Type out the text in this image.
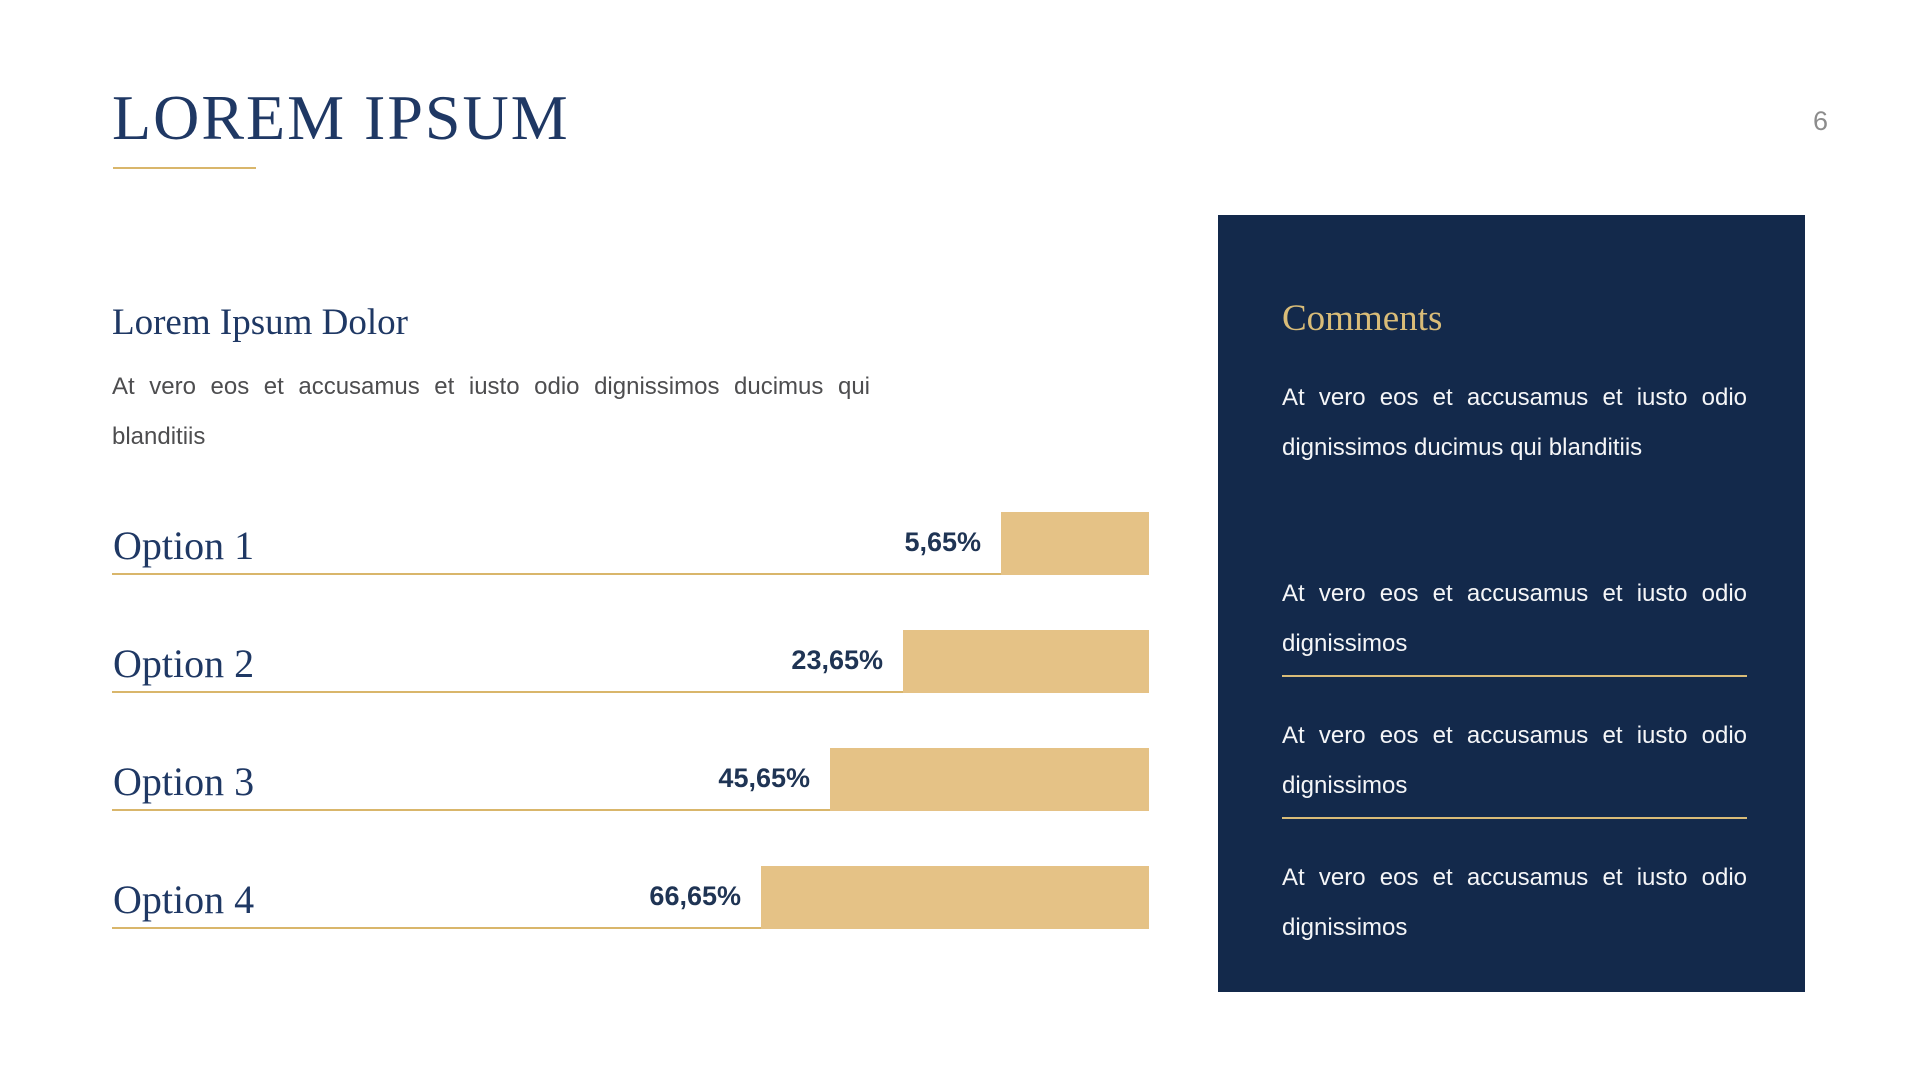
LOREM IPSUM	6
Lorem Ipsum Dolor

At vero eos et accusamus et iusto odio dignissimos ducimus qui blanditiis

Option 1	5,65%
Option 2	23,65%
Option 3	45,65%
Option 4	66,65%
Comments

At vero eos et accusamus et iusto odio dignissimos ducimus qui blanditiis

At vero eos et accusamus et iusto odio dignissimos

At vero eos et accusamus et iusto odio dignissimos

At vero eos et accusamus et iusto odio dignissimos
